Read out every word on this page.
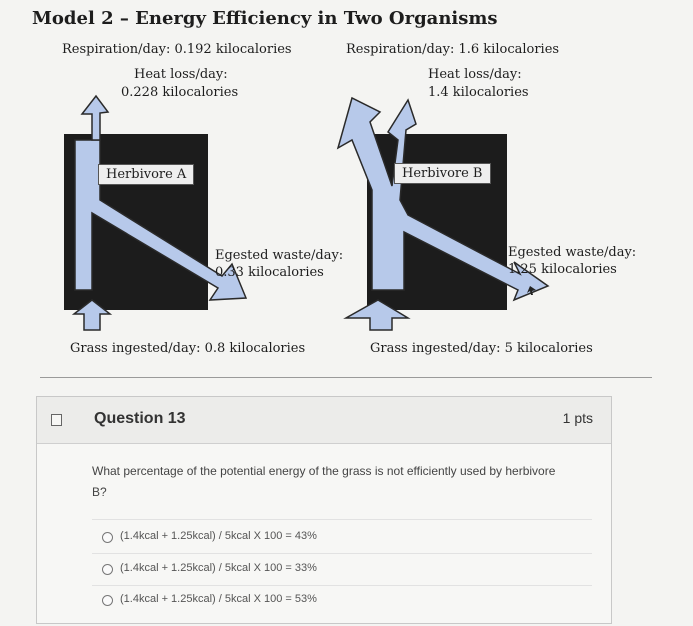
Model 2 – Energy Efficiency in Two Organisms
Respiration/day: 0.192 kilocalories
Heat loss/day:
0.228 kilocalories
Herbivore A
Egested waste/day:
0.33 kilocalories
Grass ingested/day: 0.8 kilocalories
Respiration/day: 1.6 kilocalories
Heat loss/day:
1.4 kilocalories
Herbivore B
Egested waste/day:
1.25 kilocalories
Grass ingested/day: 5 kilocalories
Question 13	1 pts
What percentage of the potential energy of the grass is not efficiently used by herbivore B?
(1.4kcal + 1.25kcal) / 5kcal X 100 = 43%
(1.4kcal + 1.25kcal) / 5kcal X 100 = 33%
(1.4kcal + 1.25kcal) / 5kcal X 100 = 53%
